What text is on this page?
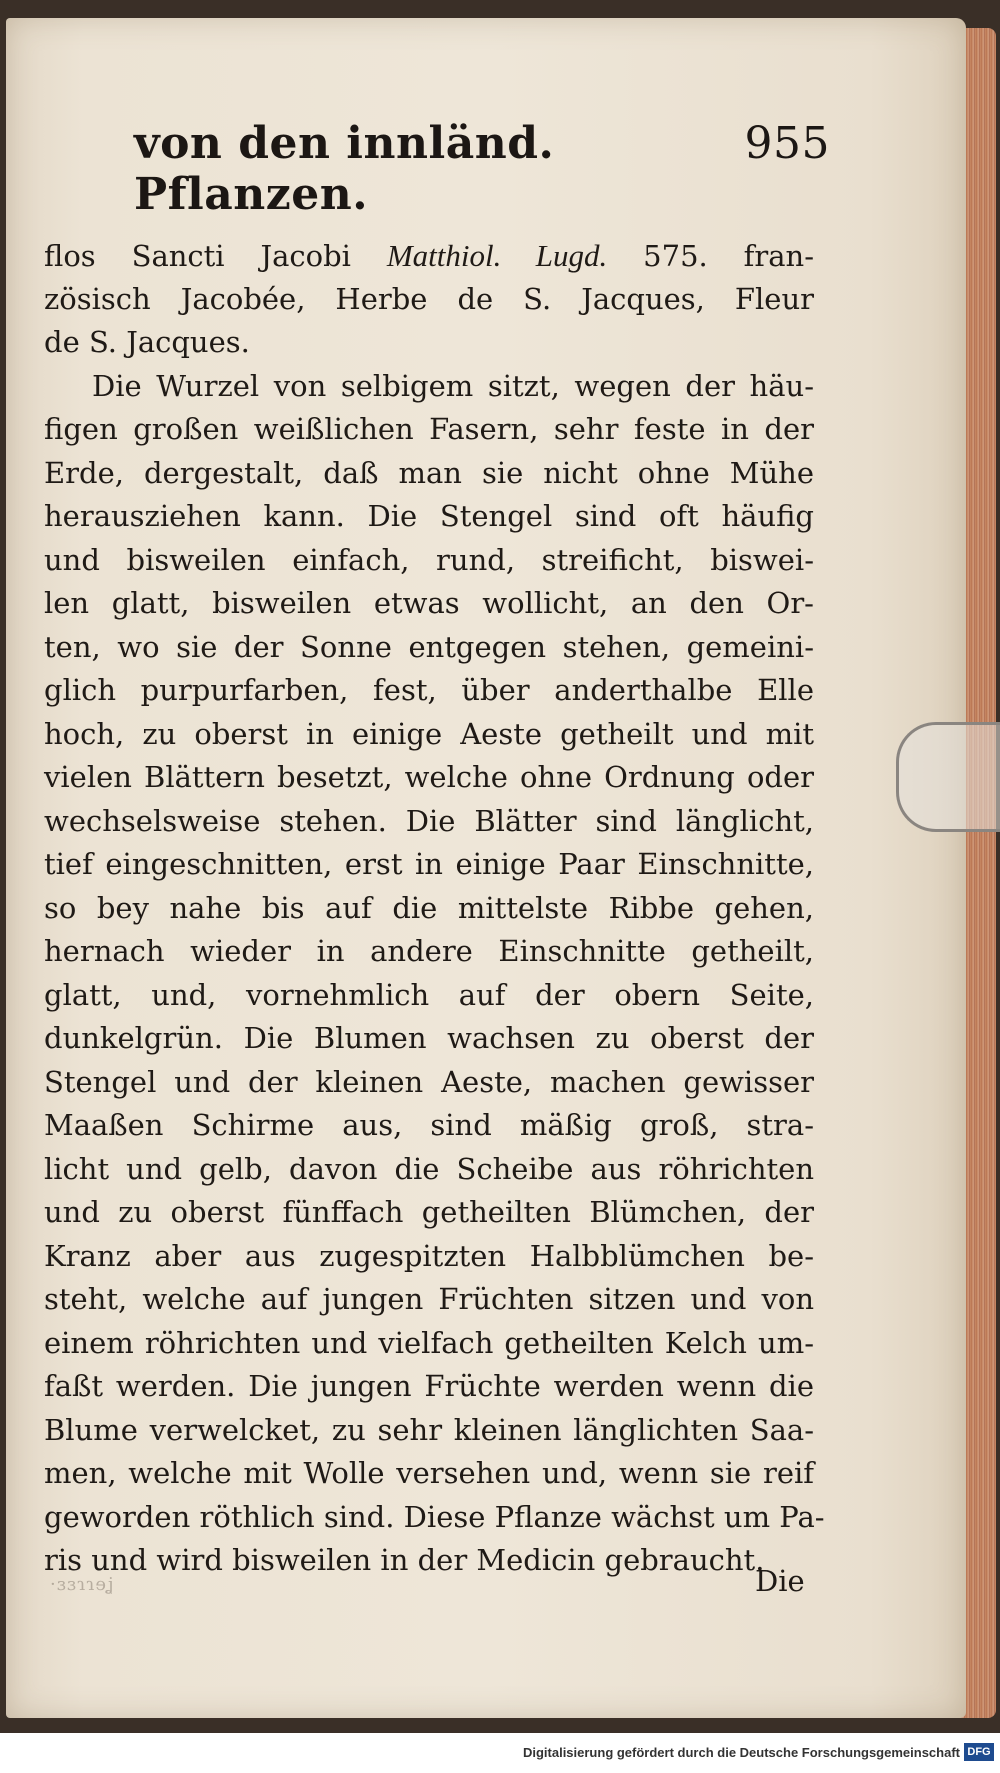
von den innländ. Pflanzen.
955
flos Sancti Jacobi Matthiol. Lugd. 575. fran-
zösisch Jacobée, Herbe de S. Jacques, Fleur
de S. Jacques.
Die Wurzel von selbigem sitzt, wegen der häu-
figen großen weißlichen Fasern, sehr feste in der
Erde, dergestalt, daß man sie nicht ohne Mühe
herausziehen kann. Die Stengel sind oft häufig
und bisweilen einfach, rund, streificht, biswei-
len glatt, bisweilen etwas wollicht, an den Or-
ten, wo sie der Sonne entgegen stehen, gemeini-
glich purpurfarben, fest, über anderthalbe Elle
hoch, zu oberst in einige Aeste getheilt und mit
vielen Blättern besetzt, welche ohne Ordnung oder
wechselsweise stehen. Die Blätter sind länglicht,
tief eingeschnitten, erst in einige Paar Einschnitte,
so bey nahe bis auf die mittelste Ribbe gehen,
hernach wieder in andere Einschnitte getheilt,
glatt, und, vornehmlich auf der obern Seite,
dunkelgrün. Die Blumen wachsen zu oberst der
Stengel und der kleinen Aeste, machen gewisser
Maaßen Schirme aus, sind mäßig groß, stra-
licht und gelb, davon die Scheibe aus röhrichten
und zu oberst fünffach getheilten Blümchen, der
Kranz aber aus zugespitzten Halbblümchen be-
steht, welche auf jungen Früchten sitzen und von
einem röhrichten und vielfach getheilten Kelch um-
faßt werden. Die jungen Früchte werden wenn die
Blume verwelcket, zu sehr kleinen länglichten Saa-
men, welche mit Wolle versehen und, wenn sie reif
geworden röthlich sind. Diese Pflanze wächst um Pa-
ris und wird bisweilen in der Medicin gebraucht.
·ɜɜɿɿɘʝ	Die
Digitalisierung gefördert durch die Deutsche Forschungsgemeinschaft DFG
